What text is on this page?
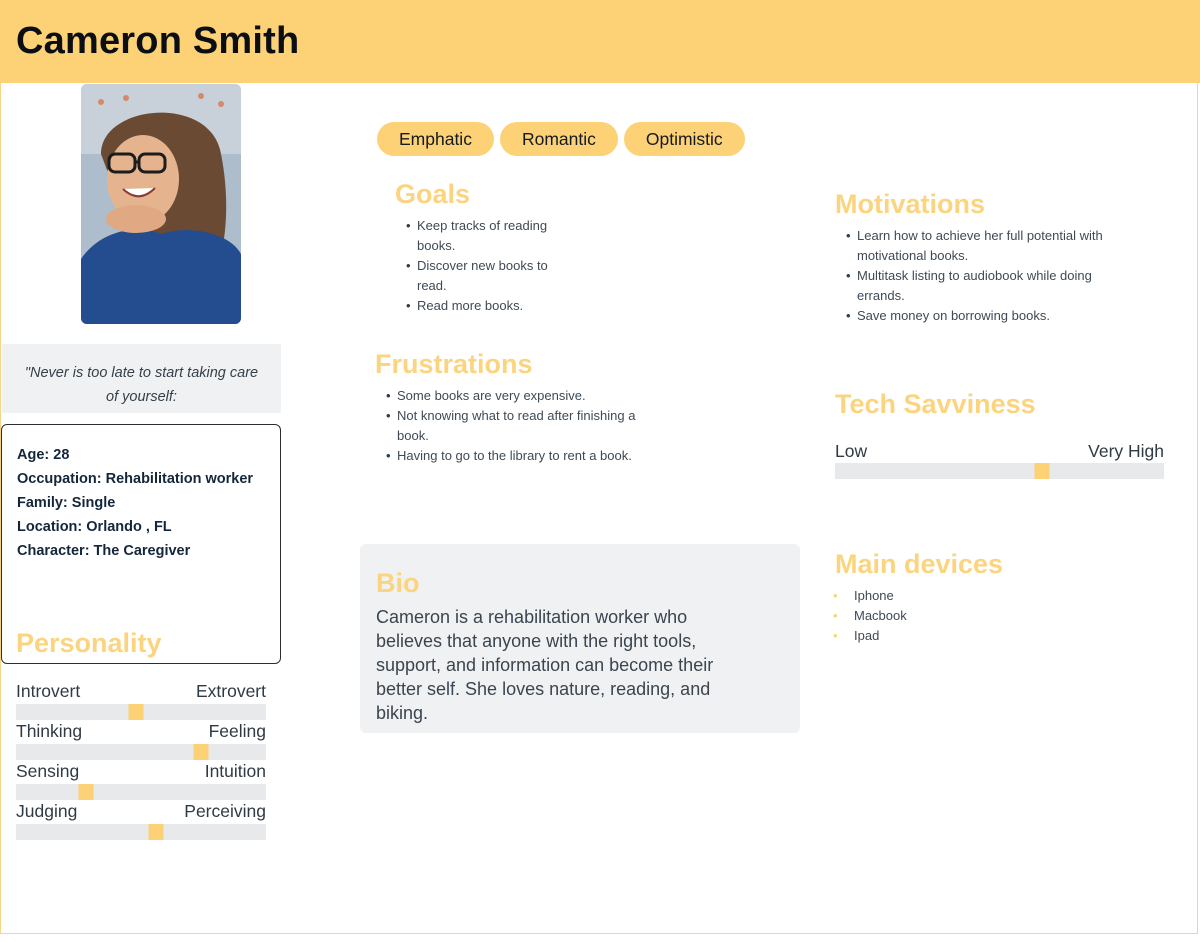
Cameron Smith
"Never is too late to start taking care of yourself:
Age: 28
Occupation: Rehabilitation worker
Family: Single
Location: Orlando , FL
Character: The Caregiver
Personality
Introvert	Extrovert
Thinking	Feeling
Sensing	Intuition
Judging	Perceiving
Emphatic	Romantic	Optimistic
Goals
• Keep tracks of reading books.
• Discover new books to read.
• Read more books.
Frustrations
• Some books are very expensive.
• Not knowing what to read after finishing a book.
• Having to go to the library to rent a book.
Bio

Cameron is a rehabilitation worker who believes that anyone with the right tools, support, and information can become their better self. She loves nature, reading, and biking.

Motivations
• Learn how to achieve her full potential with motivational books.
• Multitask listing to audiobook while doing errands.
• Save money on borrowing books.
Tech Savviness
Low	Very High
Main devices
• Iphone
• Macbook
• Ipad
